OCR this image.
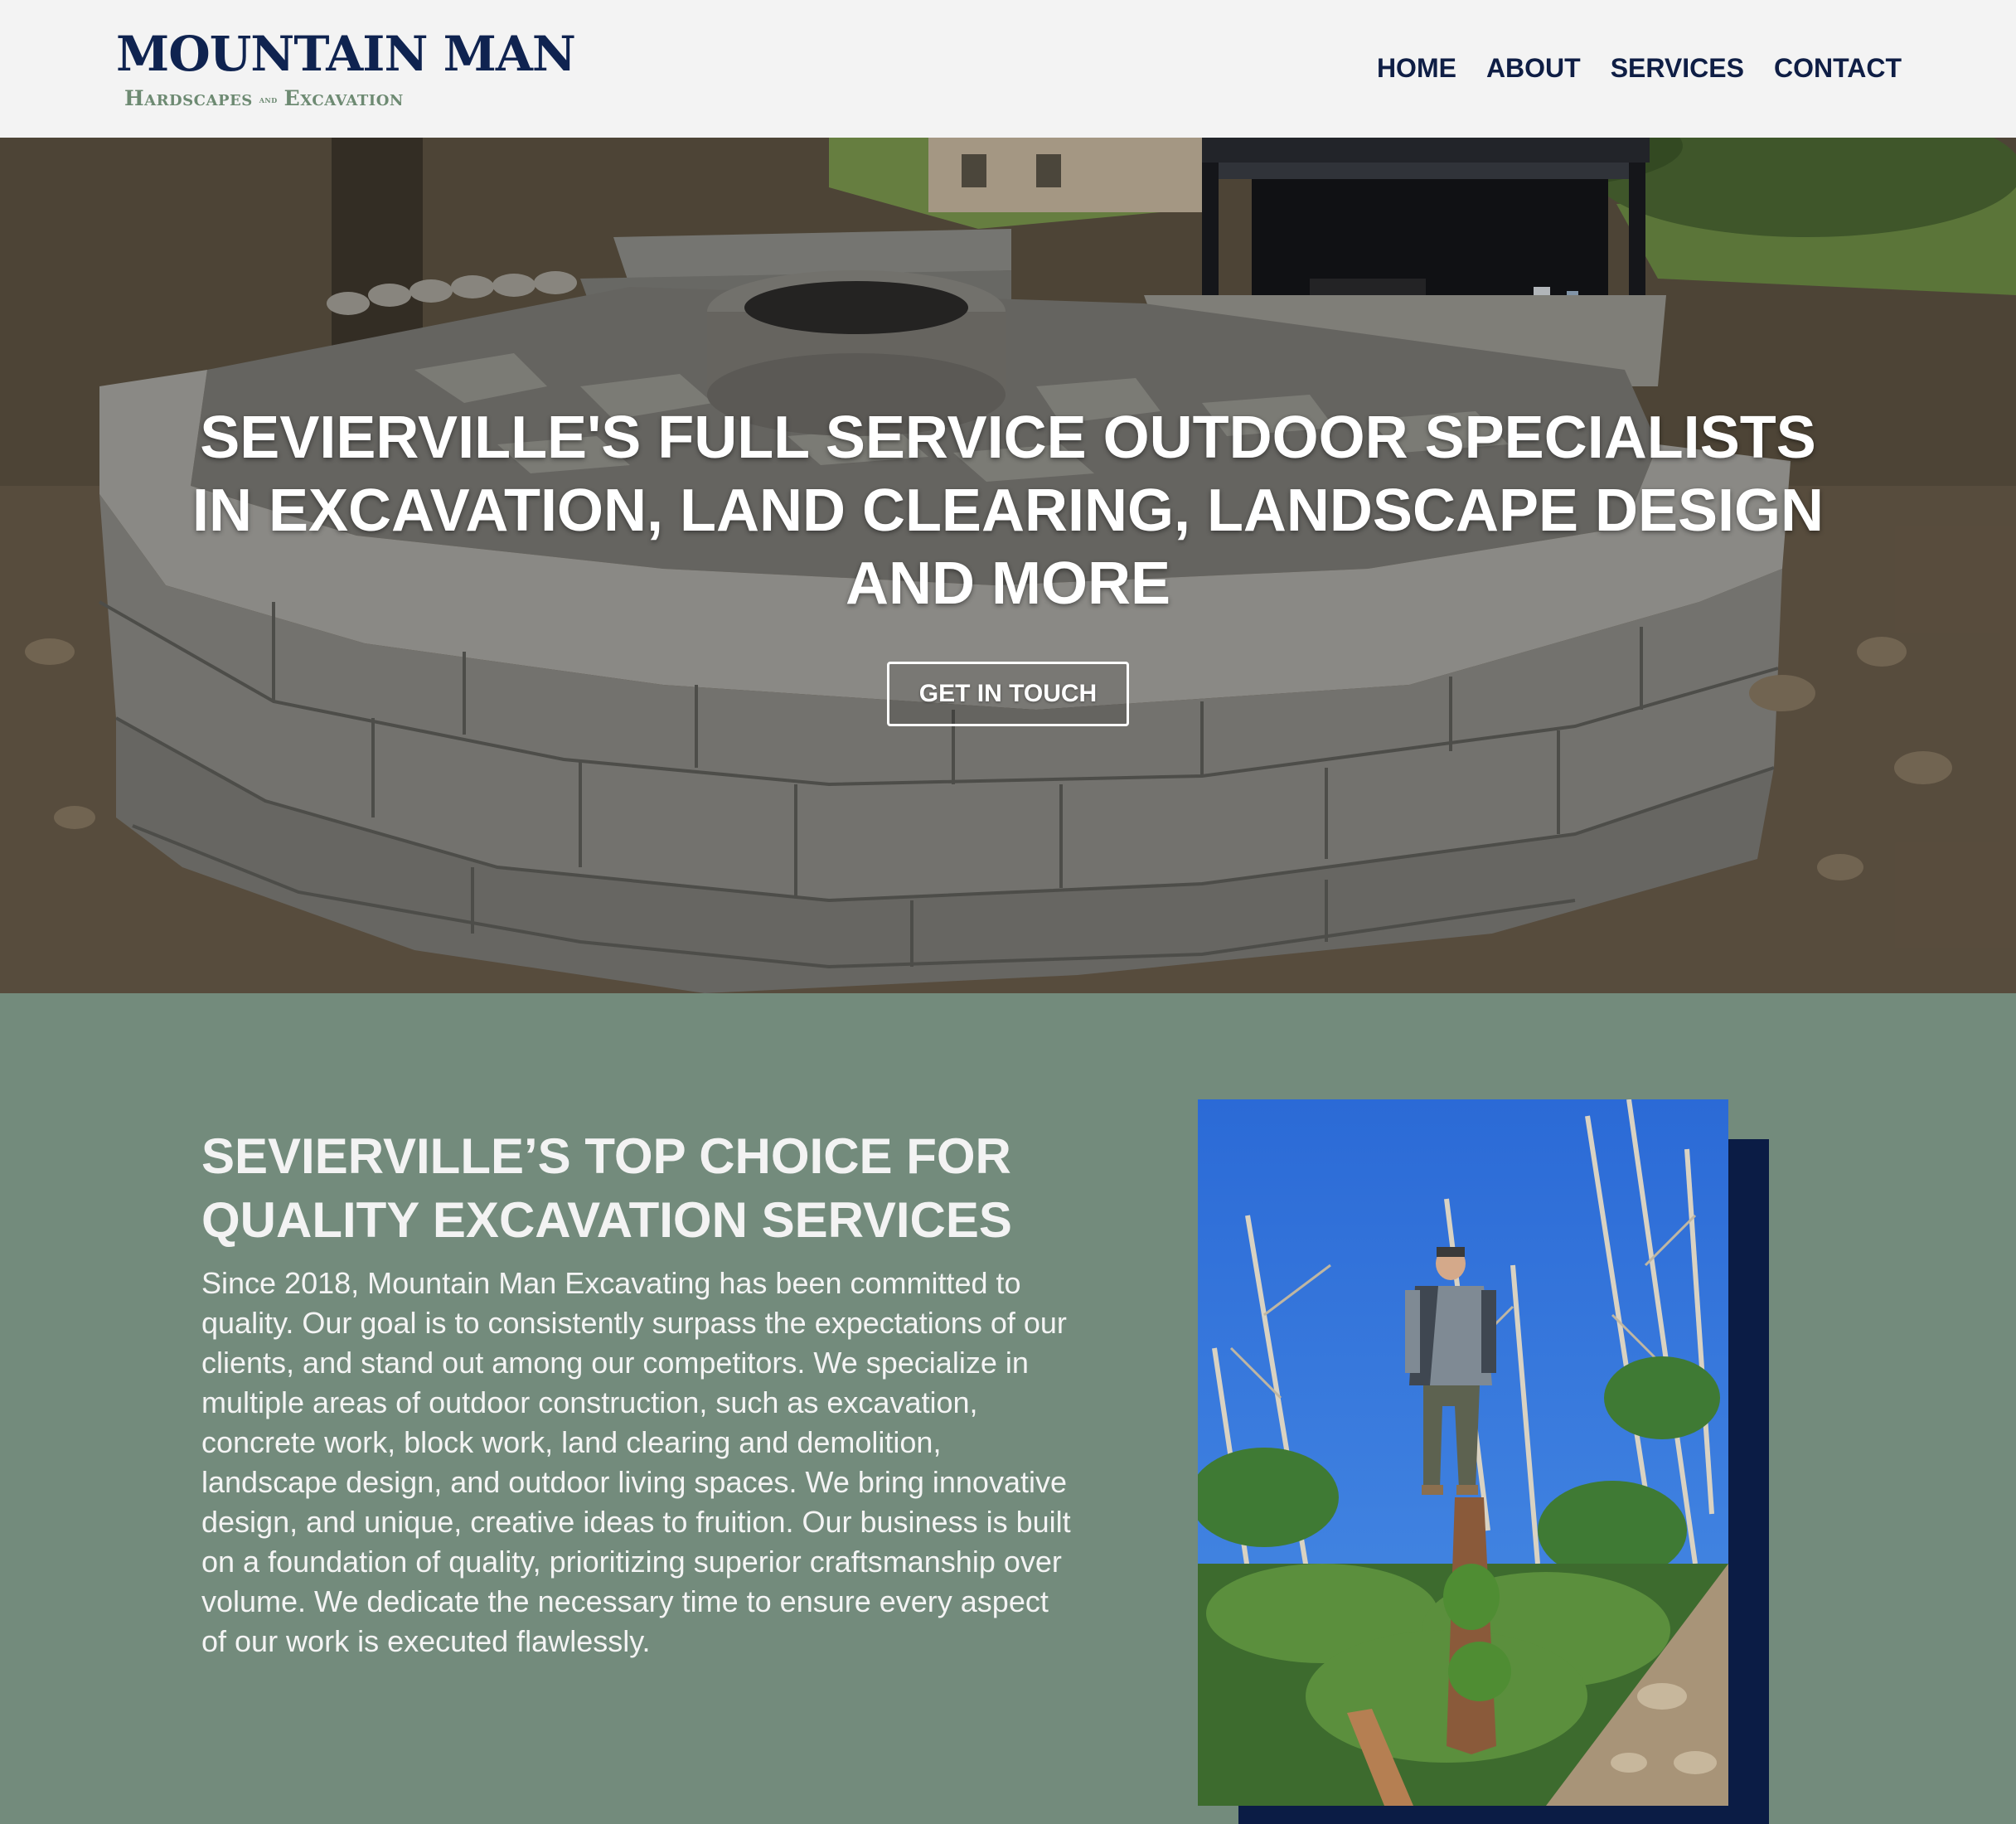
MOUNTAIN MAN
Hardscapes and Excavation
HOME ABOUT SERVICES CONTACT
SEVIERVILLE'S FULL SERVICE OUTDOOR SPECIALISTS IN EXCAVATION, LAND CLEARING, LANDSCAPE DESIGN AND MORE
GET IN TOUCH
SEVIERVILLE’S TOP CHOICE FOR QUALITY EXCAVATION SERVICES

Since 2018, Mountain Man Excavating has been committed to quality. Our goal is to consistently surpass the expectations of our clients, and stand out among our competitors. We specialize in multiple areas of outdoor construction, such as excavation, concrete work, block work, land clearing and demolition, landscape design, and outdoor living spaces. We bring innovative design, and unique, creative ideas to fruition. Our business is built on a foundation of quality, prioritizing superior craftsmanship over volume. We dedicate the necessary time to ensure every aspect of our work is executed flawlessly.
